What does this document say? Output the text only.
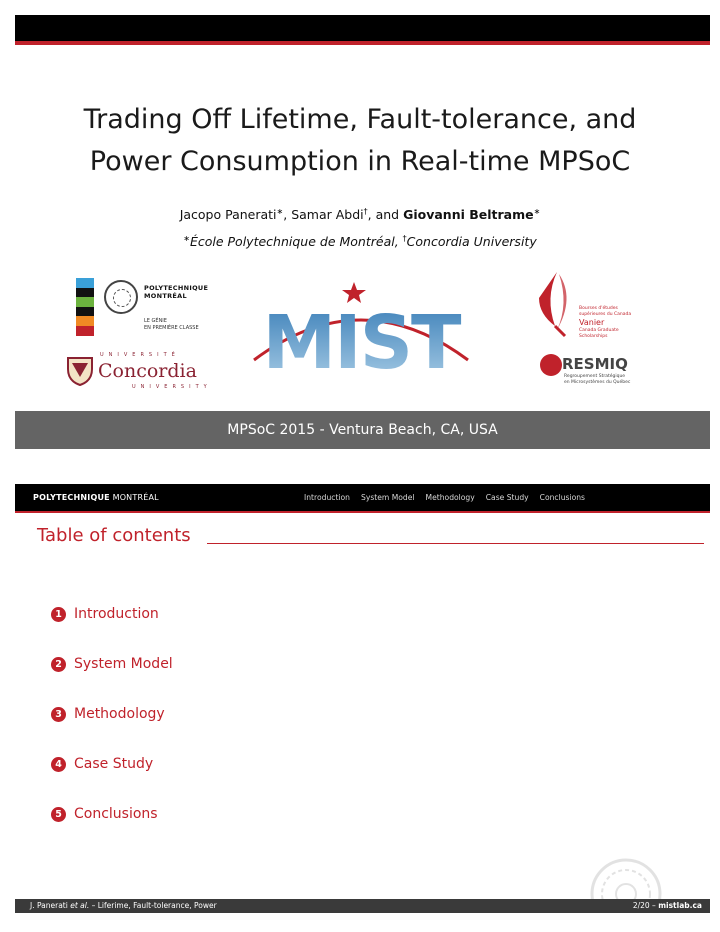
Trading Off Lifetime, Fault-tolerance, and
Power Consumption in Real-time MPSoC
Jacopo Panerati∗, Samar Abdi†, and Giovanni Beltrame∗
∗École Polytechnique de Montréal, †Concordia University
POLYTECHNIQUE
MONTRÉAL
LE GÉNIE
EN PREMIÈRE CLASSE
UNIVERSITÉ
Concordia
UNIVERSITY
MIST	Bourses d'études
supérieures du Canada
Vanier
Canada Graduate
Scholarships
RESMIQ
Regroupement Stratégique
en Microsystèmes du Québec
MPSoC 2015 - Ventura Beach, CA, USA
POLYTECHNIQUE MONTRÉAL	Introduction System Model Methodology Case Study Conclusions
Table of contents
1 Introduction
2 System Model
3 Methodology
4 Case Study
5 Conclusions
J. Panerati et al. – Liferime, Fault-tolerance, Power	2/20 – mistlab.ca
